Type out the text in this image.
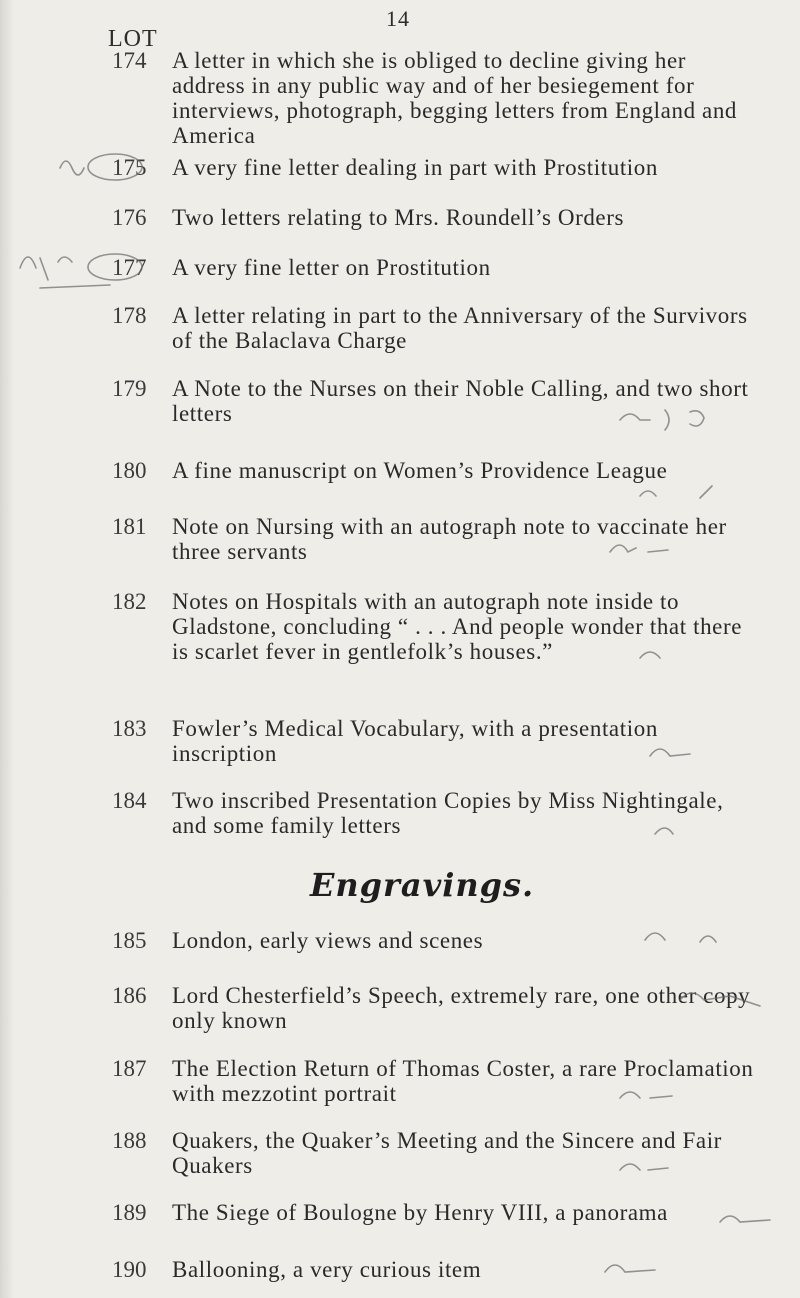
14
LOT
174	A letter in which she is obliged to decline giving her address in any public way and of her besiegement for interviews, photograph, begging letters from England and America
175	A very fine letter dealing in part with Prostitution
176	Two letters relating to Mrs. Roundell’s Orders
177	A very fine letter on Prostitution
178	A letter relating in part to the Anniversary of the Survivors of the Balaclava Charge
179	A Note to the Nurses on their Noble Calling, and two short letters
180	A fine manuscript on Women’s Providence League
181	Note on Nursing with an autograph note to vaccinate her three servants
182	Notes on Hospitals with an autograph note inside to Gladstone, concluding “ . . . And people wonder that there is scarlet fever in gentlefolk’s houses.”
183	Fowler’s Medical Vocabulary, with a presentation inscription
184	Two inscribed Presentation Copies by Miss Nightingale, and some family letters
Engravings.
185	London, early views and scenes
186	Lord Chesterfield’s Speech, extremely rare, one other copy only known
187	The Election Return of Thomas Coster, a rare Proclamation with mezzotint portrait
188	Quakers, the Quaker’s Meeting and the Sincere and Fair Quakers
189	The Siege of Boulogne by Henry VIII, a panorama
190	Ballooning, a very curious item
